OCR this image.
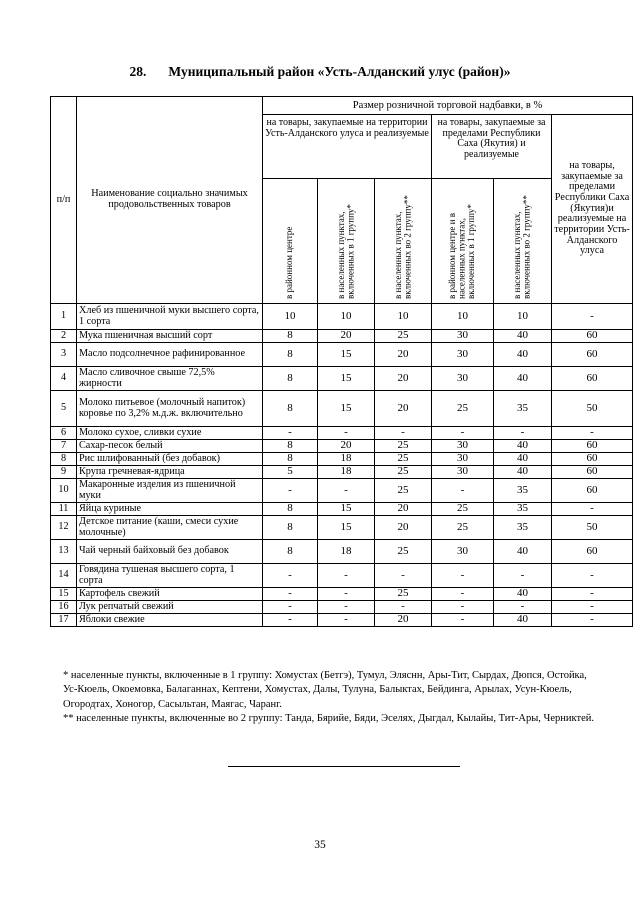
28. Муниципальный район «Усть-Алданский улус (район)»
п/п	Наименование социально значимых продовольственных товаров	Размер розничной торговой надбавки, в %					
		на товары, закупаемые на территории Усть-Алданского улуса и реализуемые			на товары, закупаемые за пределами Республики Саха (Якутия) и реализуемые		на товары, закупаемые за пределами Республики Саха (Якутия)и реализуемые на территории Усть-Алданского улуса

		в районном центре	в населенных пунктах, включенных в 1 группу*	в населенных пунктах, включенных во 2 группу**	в районном центре и в населенных пунктах, включенных в 1 группу*	в населенных пунктах, включенных во 2 группу**	

1	Хлеб из пшеничной муки высшего сорта, 1 сорта	10	10	10	10	10	-
2	Мука пшеничная высший сорт	8	20	25	30	40	60
3	Масло подсолнечное рафинированное	8	15	20	30	40	60
4	Масло сливочное свыше 72,5% жирности	8	15	20	30	40	60
5	Молоко питьевое (молочный напиток) коровье по 3,2% м.д.ж. включительно	8	15	20	25	35	50
6	Молоко сухое, сливки сухие	-	-	-	-	-	-
7	Сахар-песок белый	8	20	25	30	40	60
8	Рис шлифованный (без добавок)	8	18	25	30	40	60
9	Крупа гречневая-ядрица	5	18	25	30	40	60
10	Макаронные изделия из пшеничной муки	-	-	25	-	35	60
11	Яйца куриные	8	15	20	25	35	-
12	Детское питание (каши, смеси сухие молочные)	8	15	20	25	35	50
13	Чай черный байховый без добавок	8	18	25	30	40	60
14	Говядина тушеная высшего сорта, 1 сорта	-	-	-	-	-	-
15	Картофель свежий	-	-	25	-	40	-
16	Лук репчатый свежий	-	-	-	-	-	-
17	Яблоки свежие	-	-	20	-	40	-

* населенные пункты, включенные в 1 группу: Хомустах (Бетгэ), Тумул, Эляснн, Ары-Тит, Сырдах, Дюпся, Остойка, Ус-Кюель, Окоемовка, Балаганнах, Кептени, Хомустах, Далы, Тулуна, Балыктах, Бейдинга, Арылах, Усун-Кюель, Огородтах, Хоногор, Сасыльтан, Маягас, Чаранг.

** населенные пункты, включенные во 2 группу: Танда, Бярийе, Бяди, Эселях, Дыгдал, Кылайы, Тит-Ары, Черниктей.

35
